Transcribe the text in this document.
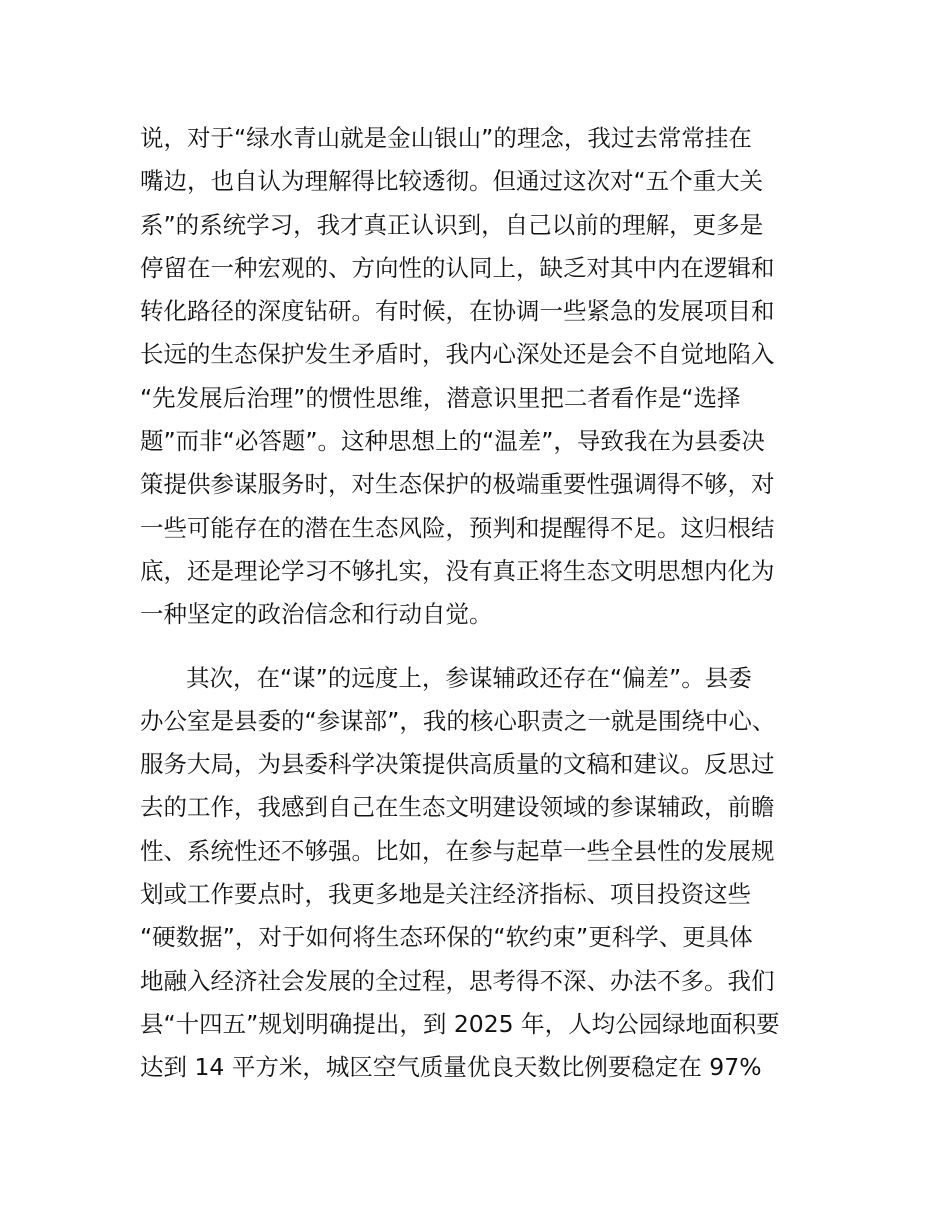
说，对于“绿水青山就是金山银山”的理念，我过去常常挂在

嘴边，也自认为理解得比较透彻。但通过这次对“五个重大关

系”的系统学习，我才真正认识到，自己以前的理解，更多是

停留在一种宏观的、方向性的认同上，缺乏对其中内在逻辑和

转化路径的深度钻研。有时候，在协调一些紧急的发展项目和

长远的生态保护发生矛盾时，我内心深处还是会不自觉地陷入

“先发展后治理”的惯性思维，潜意识里把二者看作是“选择

题”而非“必答题”。这种思想上的“温差”，导致我在为县委决

策提供参谋服务时，对生态保护的极端重要性强调得不够，对

一些可能存在的潜在生态风险，预判和提醒得不足。这归根结

底，还是理论学习不够扎实，没有真正将生态文明思想内化为

一种坚定的政治信念和行动自觉。

其次，在“谋”的远度上，参谋辅政还存在“偏差”。县委

办公室是县委的“参谋部”，我的核心职责之一就是围绕中心、

服务大局，为县委科学决策提供高质量的文稿和建议。反思过

去的工作，我感到自己在生态文明建设领域的参谋辅政，前瞻

性、系统性还不够强。比如，在参与起草一些全县性的发展规

划或工作要点时，我更多地是关注经济指标、项目投资这些

“硬数据”，对于如何将生态环保的“软约束”更科学、更具体

地融入经济社会发展的全过程，思考得不深、办法不多。我们

县“十四五”规划明确提出，到 2025 年，人均公园绿地面积要

达到 14 平方米，城区空气质量优良天数比例要稳定在 97%
